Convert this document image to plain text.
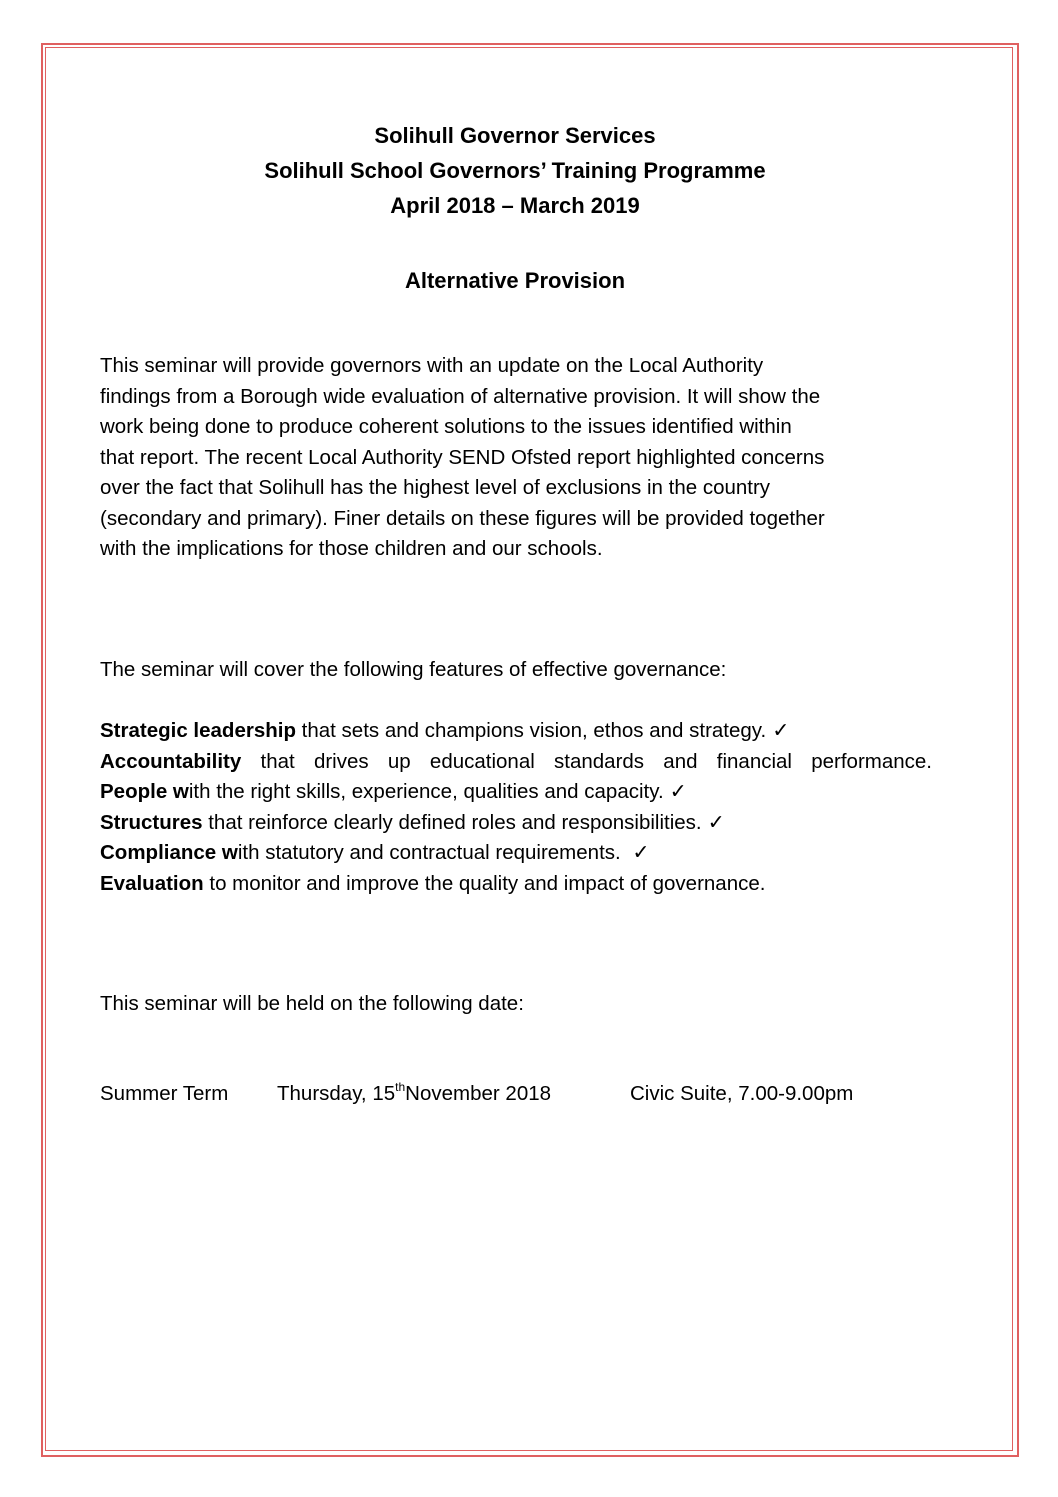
Solihull Governor Services
Solihull School Governors’ Training Programme
April 2018 – March 2019
Alternative Provision
This seminar will provide governors with an update on the Local Authority
findings from a Borough wide evaluation of alternative provision. It will show the
work being done to produce coherent solutions to the issues identified within
that report. The recent Local Authority SEND Ofsted report highlighted concerns
over the fact that Solihull has the highest level of exclusions in the country
(secondary and primary). Finer details on these figures will be provided together
with the implications for those children and our schools.
The seminar will cover the following features of effective governance:
Strategic leadership that sets and champions vision, ethos and strategy. ✓
Accountability that drives up educational standards and financial performance.
People with the right skills, experience, qualities and capacity. ✓
Structures that reinforce clearly defined roles and responsibilities. ✓
Compliance with statutory and contractual requirements. ✓
Evaluation to monitor and improve the quality and impact of governance.
This seminar will be held on the following date:
Summer Term Thursday, 15thNovember 2018	Civic Suite, 7.00-9.00pm
